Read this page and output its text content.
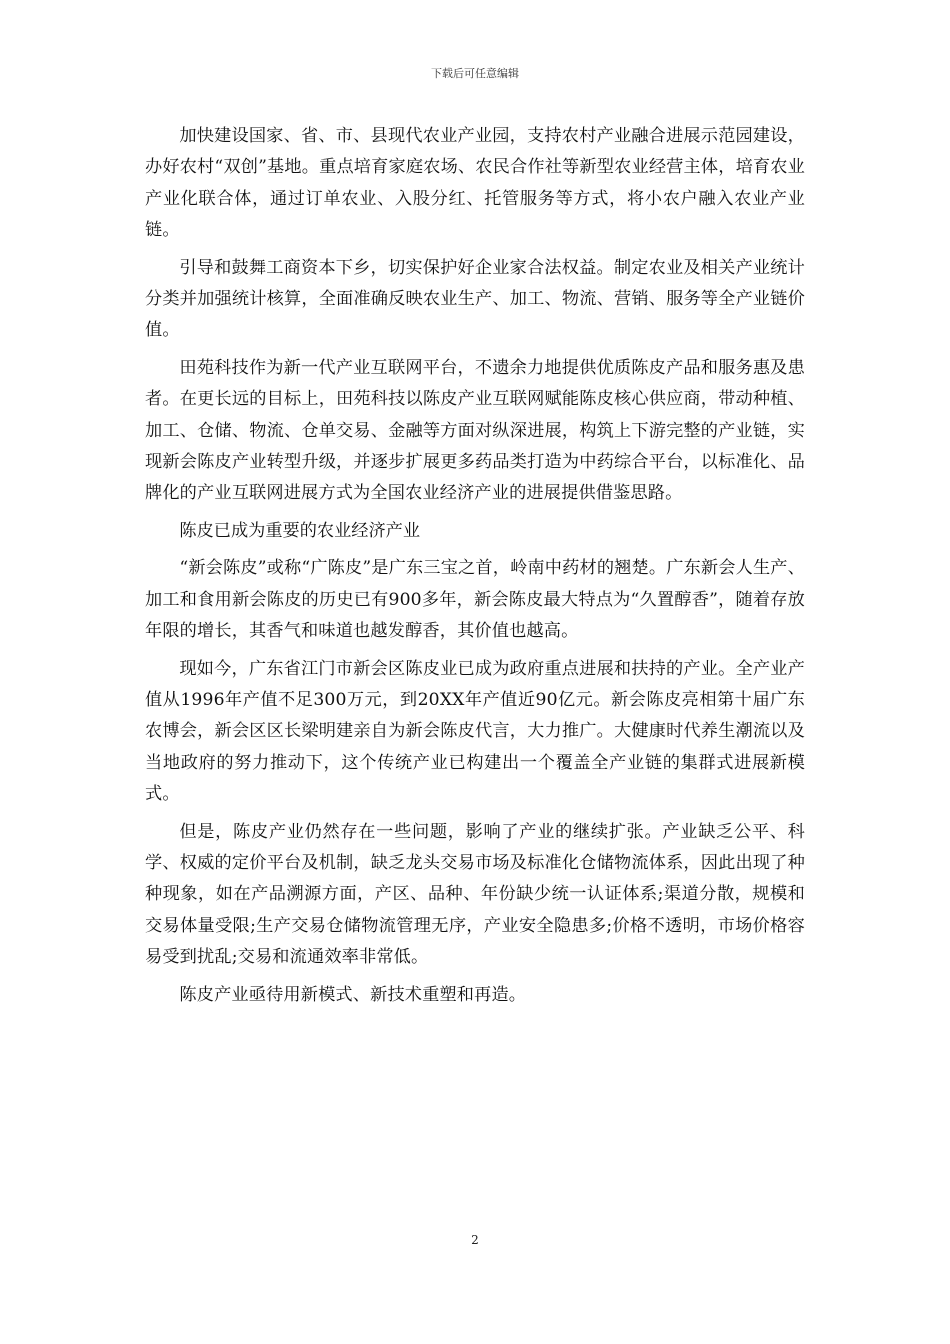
下载后可任意编辑

加快建设国家、省、市、县现代农业产业园，支持农村产业融合进展示范园建设，办好农村“双创”基地。重点培育家庭农场、农民合作社等新型农业经营主体，培育农业产业化联合体，通过订单农业、入股分红、托管服务等方式，将小农户融入农业产业链。

引导和鼓舞工商资本下乡，切实保护好企业家合法权益。制定农业及相关产业统计分类并加强统计核算，全面准确反映农业生产、加工、物流、营销、服务等全产业链价值。

田苑科技作为新一代产业互联网平台，不遗余力地提供优质陈皮产品和服务惠及患者。在更长远的目标上，田苑科技以陈皮产业互联网赋能陈皮核心供应商，带动种植、加工、仓储、物流、仓单交易、金融等方面对纵深进展，构筑上下游完整的产业链，实现新会陈皮产业转型升级，并逐步扩展更多药品类打造为中药综合平台，以标准化、品牌化的产业互联网进展方式为全国农业经济产业的进展提供借鉴思路。

陈皮已成为重要的农业经济产业

“新会陈皮”或称“广陈皮”是广东三宝之首，岭南中药材的翘楚。广东新会人生产、加工和食用新会陈皮的历史已有900多年，新会陈皮最大特点为“久置醇香”，随着存放年限的增长，其香气和味道也越发醇香，其价值也越高。

现如今，广东省江门市新会区陈皮业已成为政府重点进展和扶持的产业。全产业产值从1996年产值不足300万元，到20XX年产值近90亿元。新会陈皮亮相第十届广东农博会，新会区区长梁明建亲自为新会陈皮代言，大力推广。大健康时代养生潮流以及当地政府的努力推动下，这个传统产业已构建出一个覆盖全产业链的集群式进展新模式。

但是，陈皮产业仍然存在一些问题，影响了产业的继续扩张。产业缺乏公平、科学、权威的定价平台及机制，缺乏龙头交易市场及标准化仓储物流体系，因此出现了种种现象，如在产品溯源方面，产区、品种、年份缺少统一认证体系;渠道分散，规模和交易体量受限;生产交易仓储物流管理无序，产业安全隐患多;价格不透明，市场价格容易受到扰乱;交易和流通效率非常低。

陈皮产业亟待用新模式、新技术重塑和再造。

2
